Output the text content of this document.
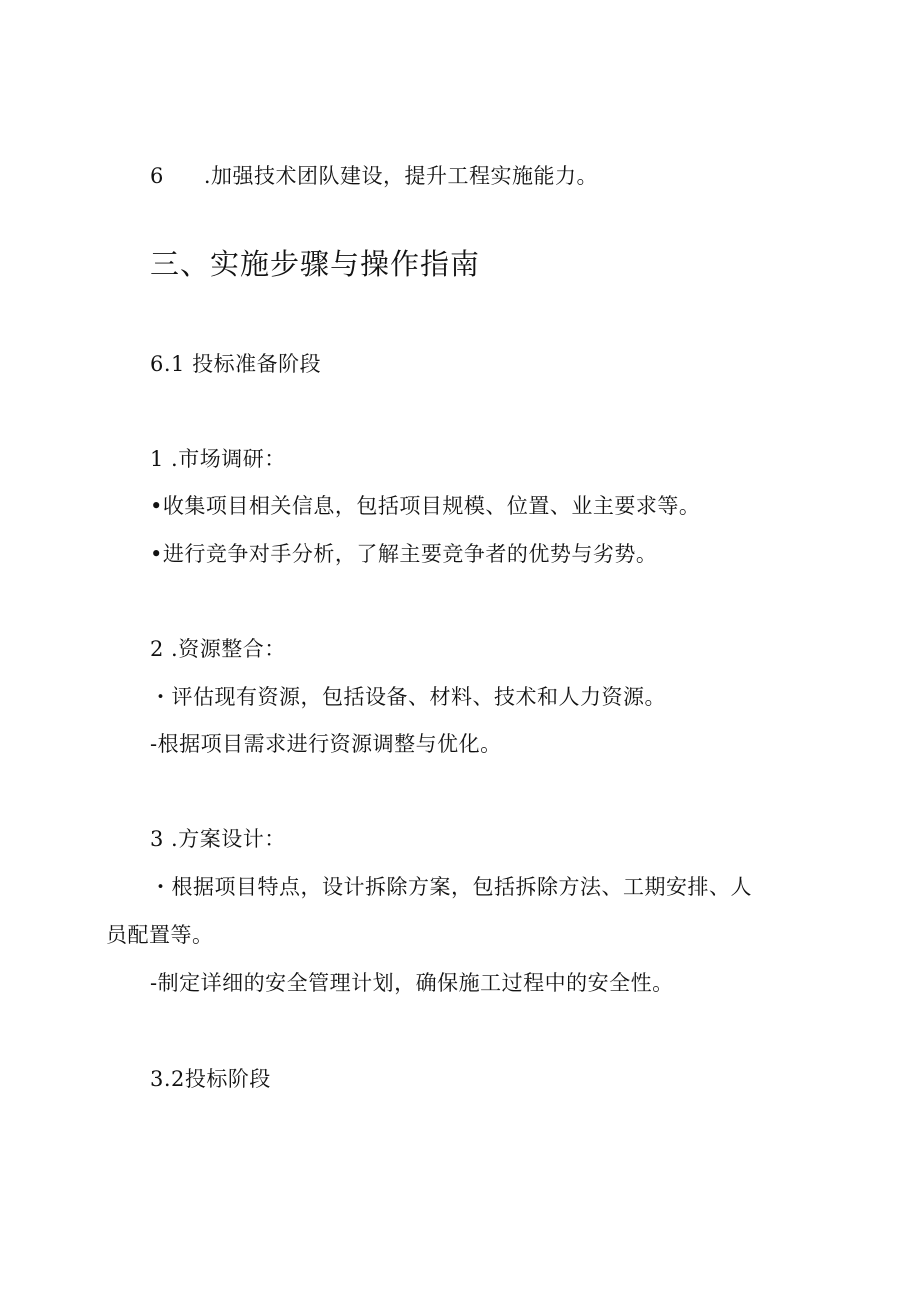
6 .加强技术团队建设，提升工程实施能力。
三、实施步骤与操作指南
6.1 投标准备阶段
1 .市场调研：
•收集项目相关信息，包括项目规模、位置、业主要求等。
•进行竞争对手分析，了解主要竞争者的优势与劣势。
2 .资源整合：
・评估现有资源，包括设备、材料、技术和人力资源。
-根据项目需求进行资源调整与优化。
3 .方案设计：
・根据项目特点，设计拆除方案，包括拆除方法、工期安排、人
员配置等。
-制定详细的安全管理计划，确保施工过程中的安全性。
3.2投标阶段
